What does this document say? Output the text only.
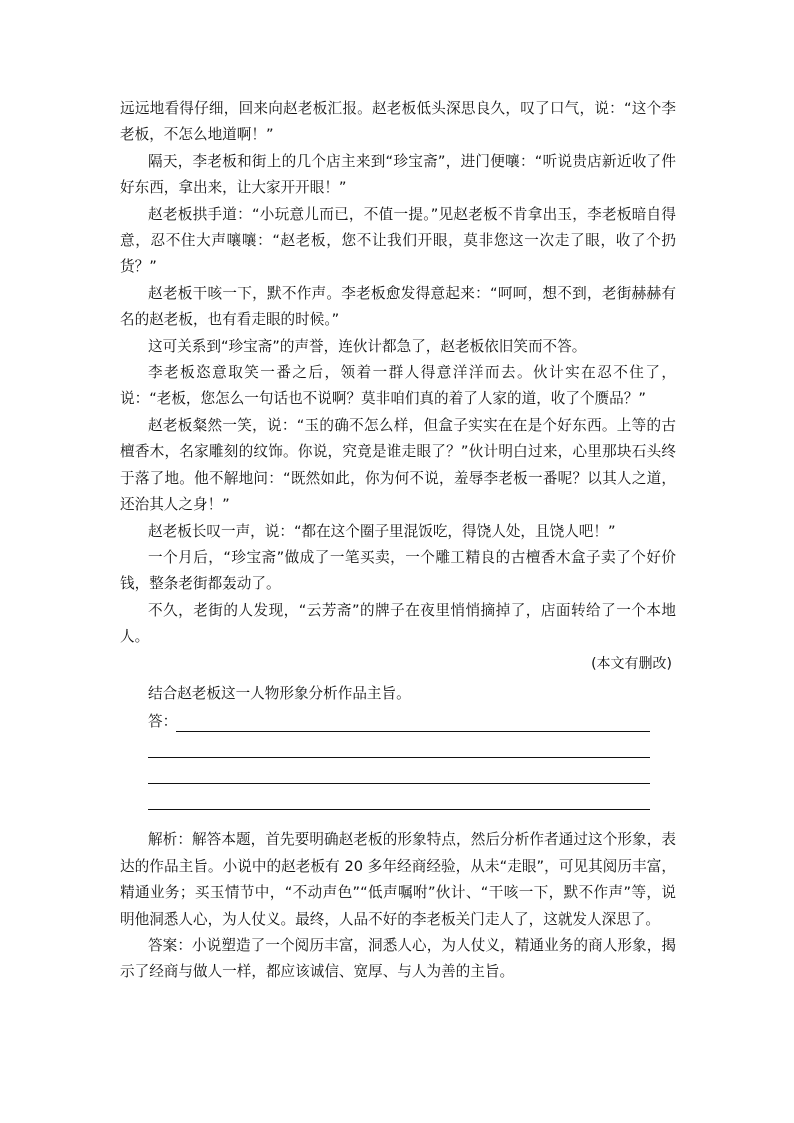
远远地看得仔细，回来向赵老板汇报。赵老板低头深思良久，叹了口气，说：“这个李老板，不怎么地道啊！”

隔天，李老板和街上的几个店主来到“珍宝斋”，进门便嚷：“听说贵店新近收了件好东西，拿出来，让大家开开眼！”

赵老板拱手道：“小玩意儿而已，不值一提。”见赵老板不肯拿出玉，李老板暗自得意，忍不住大声嚷嚷：“赵老板，您不让我们开眼，莫非您这一次走了眼，收了个扔货？”

赵老板干咳一下，默不作声。李老板愈发得意起来：“呵呵，想不到，老街赫赫有名的赵老板，也有看走眼的时候。”

这可关系到“珍宝斋”的声誉，连伙计都急了，赵老板依旧笑而不答。

李老板恣意取笑一番之后，领着一群人得意洋洋而去。伙计实在忍不住了，说：“老板，您怎么一句话也不说啊？莫非咱们真的着了人家的道，收了个赝品？”

赵老板粲然一笑，说：“玉的确不怎么样，但盒子实实在在是个好东西。上等的古檀香木，名家雕刻的纹饰。你说，究竟是谁走眼了？”伙计明白过来，心里那块石头终于落了地。他不解地问：“既然如此，你为何不说，羞辱李老板一番呢？以其人之道，还治其人之身！”

赵老板长叹一声，说：“都在这个圈子里混饭吃，得饶人处，且饶人吧！”

一个月后，“珍宝斋”做成了一笔买卖，一个雕工精良的古檀香木盒子卖了个好价钱，整条老街都轰动了。

不久，老街的人发现，“云芳斋”的牌子在夜里悄悄摘掉了，店面转给了一个本地人。

(本文有删改)

结合赵老板这一人物形象分析作品主旨。

答：

解析：解答本题，首先要明确赵老板的形象特点，然后分析作者通过这个形象，表达的作品主旨。小说中的赵老板有 20 多年经商经验，从未“走眼”，可见其阅历丰富，精通业务；买玉情节中，“不动声色”“低声嘱咐”伙计、“干咳一下，默不作声”等，说明他洞悉人心，为人仗义。最终，人品不好的李老板关门走人了，这就发人深思了。

答案：小说塑造了一个阅历丰富，洞悉人心，为人仗义，精通业务的商人形象，揭示了经商与做人一样，都应该诚信、宽厚、与人为善的主旨。
